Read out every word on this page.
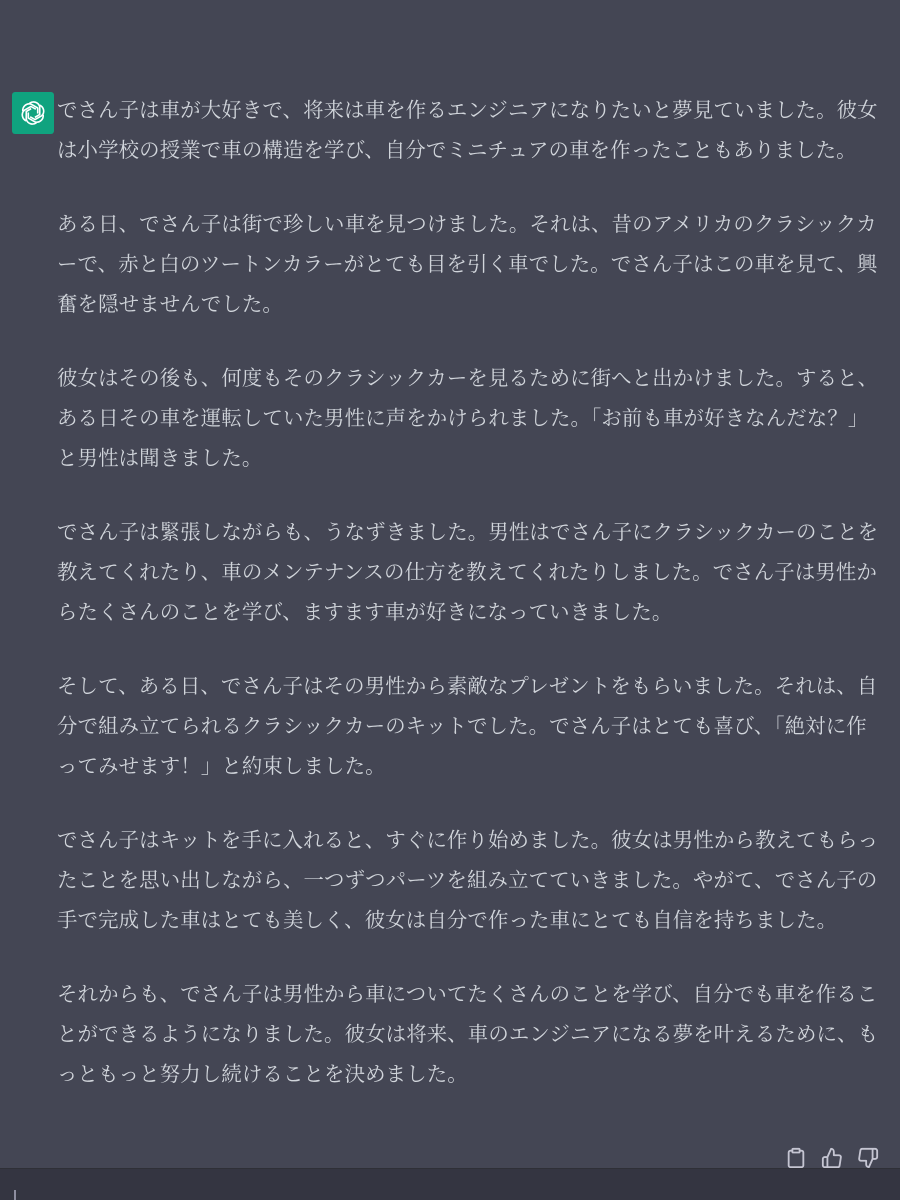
でさん子は車が大好きで、将来は車を作るエンジニアになりたいと夢見ていました。彼女は小学校の授業で車の構造を学び、自分でミニチュアの車を作ったこともありました。

ある日、でさん子は街で珍しい車を見つけました。それは、昔のアメリカのクラシックカーで、赤と白のツートンカラーがとても目を引く車でした。でさん子はこの車を見て、興奮を隠せませんでした。

彼女はその後も、何度もそのクラシックカーを見るために街へと出かけました。すると、ある日その車を運転していた男性に声をかけられました。「お前も車が好きなんだな？」と男性は聞きました。

でさん子は緊張しながらも、うなずきました。男性はでさん子にクラシックカーのことを教えてくれたり、車のメンテナンスの仕方を教えてくれたりしました。でさん子は男性からたくさんのことを学び、ますます車が好きになっていきました。

そして、ある日、でさん子はその男性から素敵なプレゼントをもらいました。それは、自分で組み立てられるクラシックカーのキットでした。でさん子はとても喜び、「絶対に作ってみせます！」と約束しました。

でさん子はキットを手に入れると、すぐに作り始めました。彼女は男性から教えてもらったことを思い出しながら、一つずつパーツを組み立てていきました。やがて、でさん子の手で完成した車はとても美しく、彼女は自分で作った車にとても自信を持ちました。

それからも、でさん子は男性から車についてたくさんのことを学び、自分でも車を作ることができるようになりました。彼女は将来、車のエンジニアになる夢を叶えるために、もっともっと努力し続けることを決めました。
